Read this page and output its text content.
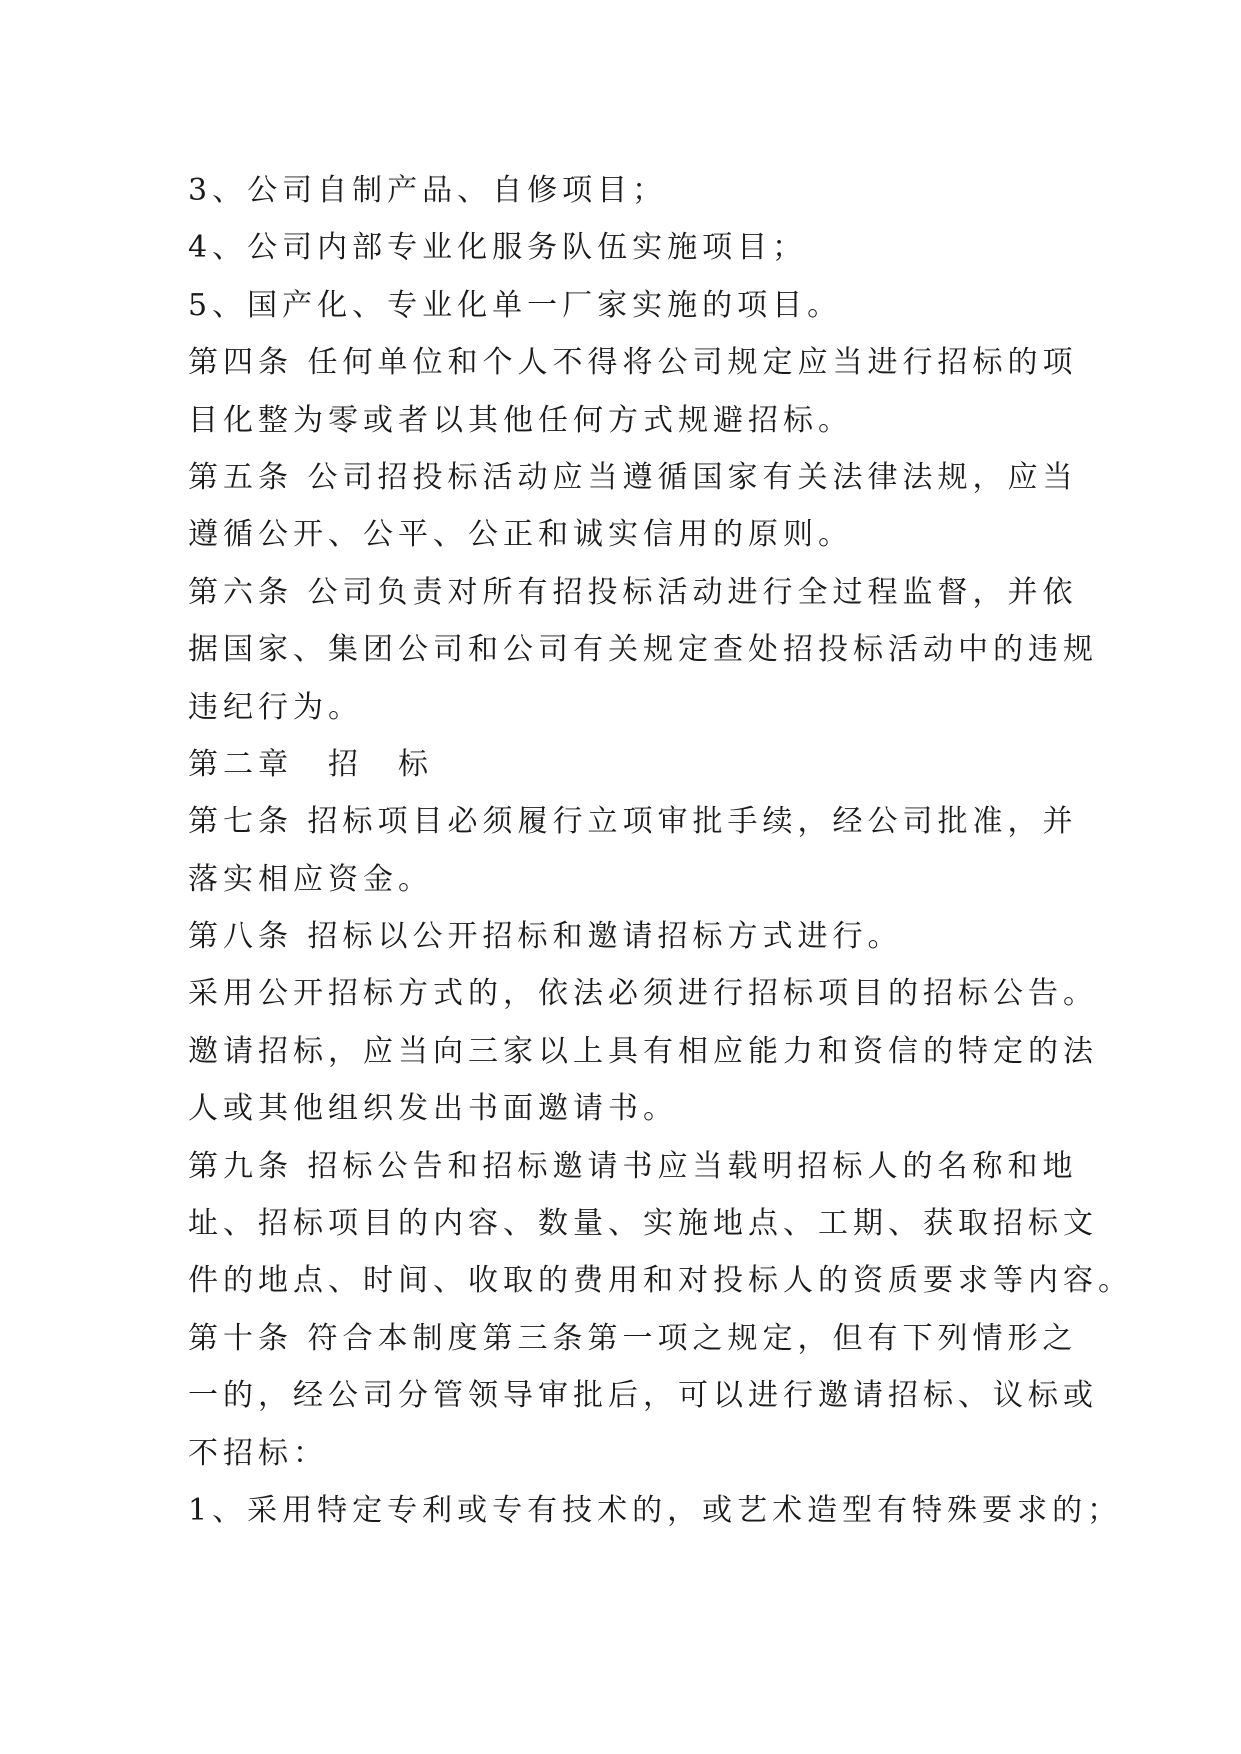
3、公司自制产品、自修项目；
4、公司内部专业化服务队伍实施项目；
5、国产化、专业化单一厂家实施的项目。
第四条 任何单位和个人不得将公司规定应当进行招标的项
目化整为零或者以其他任何方式规避招标。
第五条 公司招投标活动应当遵循国家有关法律法规，应当
遵循公开、公平、公正和诚实信用的原则。
第六条 公司负责对所有招投标活动进行全过程监督，并依
据国家、集团公司和公司有关规定查处招投标活动中的违规
违纪行为。
第二章　招　标
第七条 招标项目必须履行立项审批手续，经公司批准，并
落实相应资金。
第八条 招标以公开招标和邀请招标方式进行。
采用公开招标方式的，依法必须进行招标项目的招标公告。
邀请招标，应当向三家以上具有相应能力和资信的特定的法
人或其他组织发出书面邀请书。
第九条 招标公告和招标邀请书应当载明招标人的名称和地
址、招标项目的内容、数量、实施地点、工期、获取招标文
件的地点、时间、收取的费用和对投标人的资质要求等内容。
第十条 符合本制度第三条第一项之规定，但有下列情形之
一的，经公司分管领导审批后，可以进行邀请招标、议标或
不招标：
1、采用特定专利或专有技术的，或艺术造型有特殊要求的；
